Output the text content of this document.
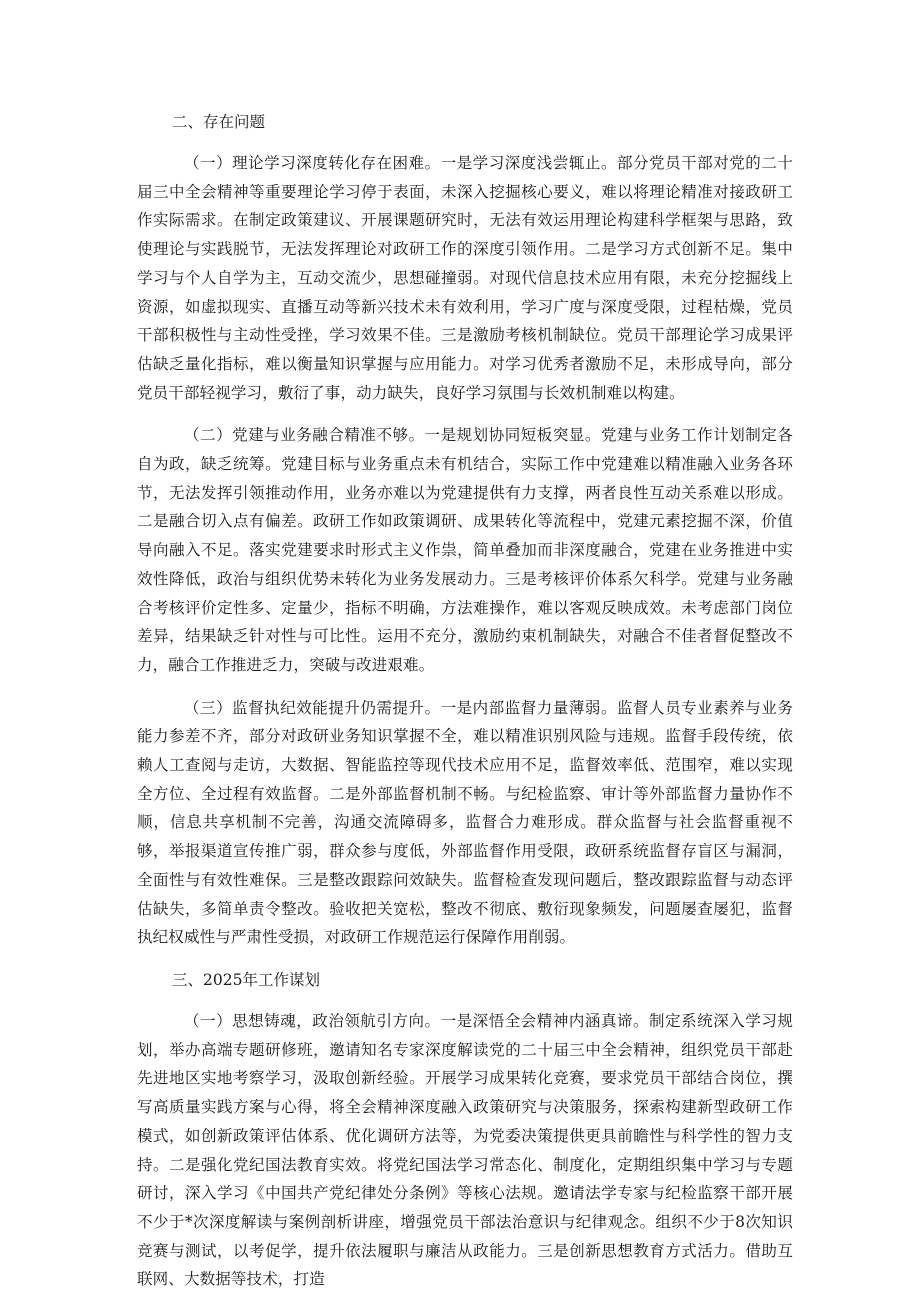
二、存在问题

（一）理论学习深度转化存在困难。一是学习深度浅尝辄止。部分党员干部对党的二十届三中全会精神等重要理论学习停于表面，未深入挖掘核心要义，难以将理论精准对接政研工作实际需求。在制定政策建议、开展课题研究时，无法有效运用理论构建科学框架与思路，致使理论与实践脱节，无法发挥理论对政研工作的深度引领作用。二是学习方式创新不足。集中学习与个人自学为主，互动交流少，思想碰撞弱。对现代信息技术应用有限，未充分挖掘线上资源，如虚拟现实、直播互动等新兴技术未有效利用，学习广度与深度受限，过程枯燥，党员干部积极性与主动性受挫，学习效果不佳。三是激励考核机制缺位。党员干部理论学习成果评估缺乏量化指标，难以衡量知识掌握与应用能力。对学习优秀者激励不足，未形成导向，部分党员干部轻视学习，敷衍了事，动力缺失，良好学习氛围与长效机制难以构建。

（二）党建与业务融合精准不够。一是规划协同短板突显。党建与业务工作计划制定各自为政，缺乏统筹。党建目标与业务重点未有机结合，实际工作中党建难以精准融入业务各环节，无法发挥引领推动作用，业务亦难以为党建提供有力支撑，两者良性互动关系难以形成。二是融合切入点有偏差。政研工作如政策调研、成果转化等流程中，党建元素挖掘不深，价值导向融入不足。落实党建要求时形式主义作祟，简单叠加而非深度融合，党建在业务推进中实效性降低，政治与组织优势未转化为业务发展动力。三是考核评价体系欠科学。党建与业务融合考核评价定性多、定量少，指标不明确，方法难操作，难以客观反映成效。未考虑部门岗位差异，结果缺乏针对性与可比性。运用不充分，激励约束机制缺失，对融合不佳者督促整改不力，融合工作推进乏力，突破与改进艰难。

（三）监督执纪效能提升仍需提升。一是内部监督力量薄弱。监督人员专业素养与业务能力参差不齐，部分对政研业务知识掌握不全，难以精准识别风险与违规。监督手段传统，依赖人工查阅与走访，大数据、智能监控等现代技术应用不足，监督效率低、范围窄，难以实现全方位、全过程有效监督。二是外部监督机制不畅。与纪检监察、审计等外部监督力量协作不顺，信息共享机制不完善，沟通交流障碍多，监督合力难形成。群众监督与社会监督重视不够，举报渠道宣传推广弱，群众参与度低，外部监督作用受限，政研系统监督存盲区与漏洞，全面性与有效性难保。三是整改跟踪问效缺失。监督检查发现问题后，整改跟踪监督与动态评估缺失，多简单责令整改。验收把关宽松，整改不彻底、敷衍现象频发，问题屡查屡犯，监督执纪权威性与严肃性受损，对政研工作规范运行保障作用削弱。

三、2025年工作谋划

（一）思想铸魂，政治领航引方向。一是深悟全会精神内涵真谛。制定系统深入学习规划，举办高端专题研修班，邀请知名专家深度解读党的二十届三中全会精神，组织党员干部赴先进地区实地考察学习，汲取创新经验。开展学习成果转化竞赛，要求党员干部结合岗位，撰写高质量实践方案与心得，将全会精神深度融入政策研究与决策服务，探索构建新型政研工作模式，如创新政策评估体系、优化调研方法等，为党委决策提供更具前瞻性与科学性的智力支持。二是强化党纪国法教育实效。将党纪国法学习常态化、制度化，定期组织集中学习与专题研讨，深入学习《中国共产党纪律处分条例》等核心法规。邀请法学专家与纪检监察干部开展不少于*次深度解读与案例剖析讲座，增强党员干部法治意识与纪律观念。组织不少于8次知识竞赛与测试，以考促学，提升依法履职与廉洁从政能力。三是创新思想教育方式活力。借助互联网、大数据等技术，打造
